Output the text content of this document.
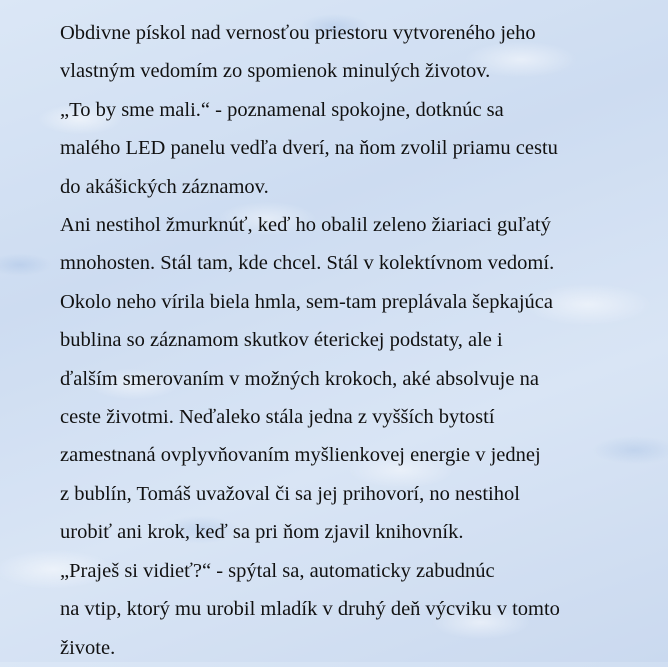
Obdivne pískol nad vernosťou priestoru vytvoreného jeho
vlastným vedomím zo spomienok minulých životov.
„To by sme mali.“ - poznamenal spokojne, dotknúc sa
malého LED panelu vedľa dverí, na ňom zvolil priamu cestu
do akášických záznamov.
Ani nestihol žmurknúť, keď ho obalil zeleno žiariaci guľatý
mnohosten. Stál tam, kde chcel. Stál v kolektívnom vedomí.
Okolo neho vírila biela hmla, sem-tam preplávala šepkajúca
bublina so záznamom skutkov éterickej podstaty, ale i
ďalším smerovaním v možných krokoch, aké absolvuje na
ceste životmi. Neďaleko stála jedna z vyšších bytostí
zamestnaná ovplyvňovaním myšlienkovej energie v jednej
z bublín, Tomáš uvažoval či sa jej prihovorí, no nestihol
urobiť ani krok, keď sa pri ňom zjavil knihovník.
„Praješ si vidieť?“ - spýtal sa, automaticky zabudnúc
na vtip, ktorý mu urobil mladík v druhý deň výcviku v tomto
živote.
